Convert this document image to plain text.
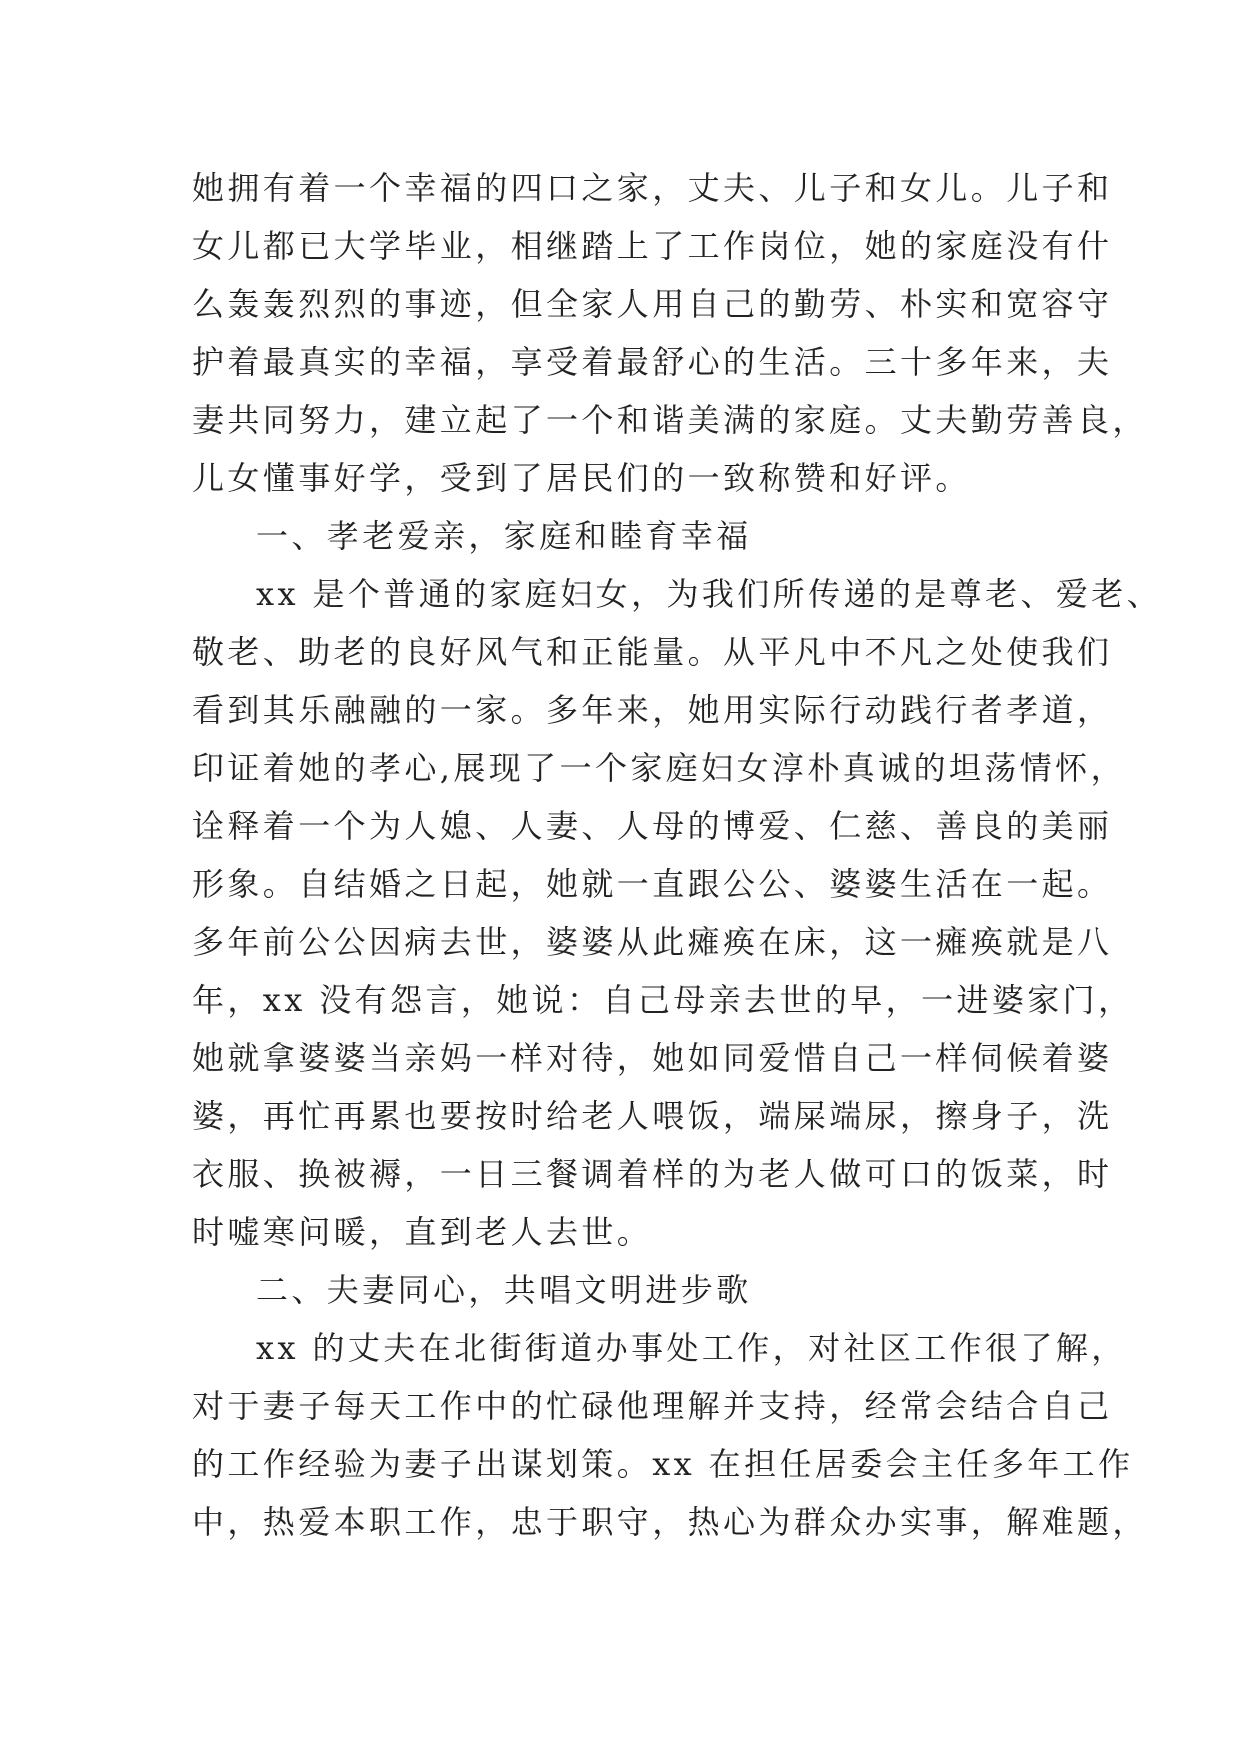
她拥有着一个幸福的四口之家，丈夫、儿子和女儿。儿子和
女儿都已大学毕业，相继踏上了工作岗位，她的家庭没有什
么轰轰烈烈的事迹，但全家人用自己的勤劳、朴实和宽容守
护着最真实的幸福，享受着最舒心的生活。三十多年来，夫
妻共同努力，建立起了一个和谐美满的家庭。丈夫勤劳善良，
儿女懂事好学，受到了居民们的一致称赞和好评。
一、孝老爱亲，家庭和睦育幸福
xx 是个普通的家庭妇女，为我们所传递的是尊老、爱老、
敬老、助老的良好风气和正能量。从平凡中不凡之处使我们
看到其乐融融的一家。多年来，她用实际行动践行者孝道，
印证着她的孝心,展现了一个家庭妇女淳朴真诚的坦荡情怀，
诠释着一个为人媳、人妻、人母的博爱、仁慈、善良的美丽
形象。自结婚之日起，她就一直跟公公、婆婆生活在一起。
多年前公公因病去世，婆婆从此瘫痪在床，这一瘫痪就是八
年，xx 没有怨言，她说：自己母亲去世的早，一进婆家门，
她就拿婆婆当亲妈一样对待，她如同爱惜自己一样伺候着婆
婆，再忙再累也要按时给老人喂饭，端屎端尿，擦身子，洗
衣服、换被褥，一日三餐调着样的为老人做可口的饭菜，时
时嘘寒问暖，直到老人去世。
二、夫妻同心，共唱文明进步歌
xx 的丈夫在北街街道办事处工作，对社区工作很了解，
对于妻子每天工作中的忙碌他理解并支持，经常会结合自己
的工作经验为妻子出谋划策。xx 在担任居委会主任多年工作
中，热爱本职工作，忠于职守，热心为群众办实事，解难题，
